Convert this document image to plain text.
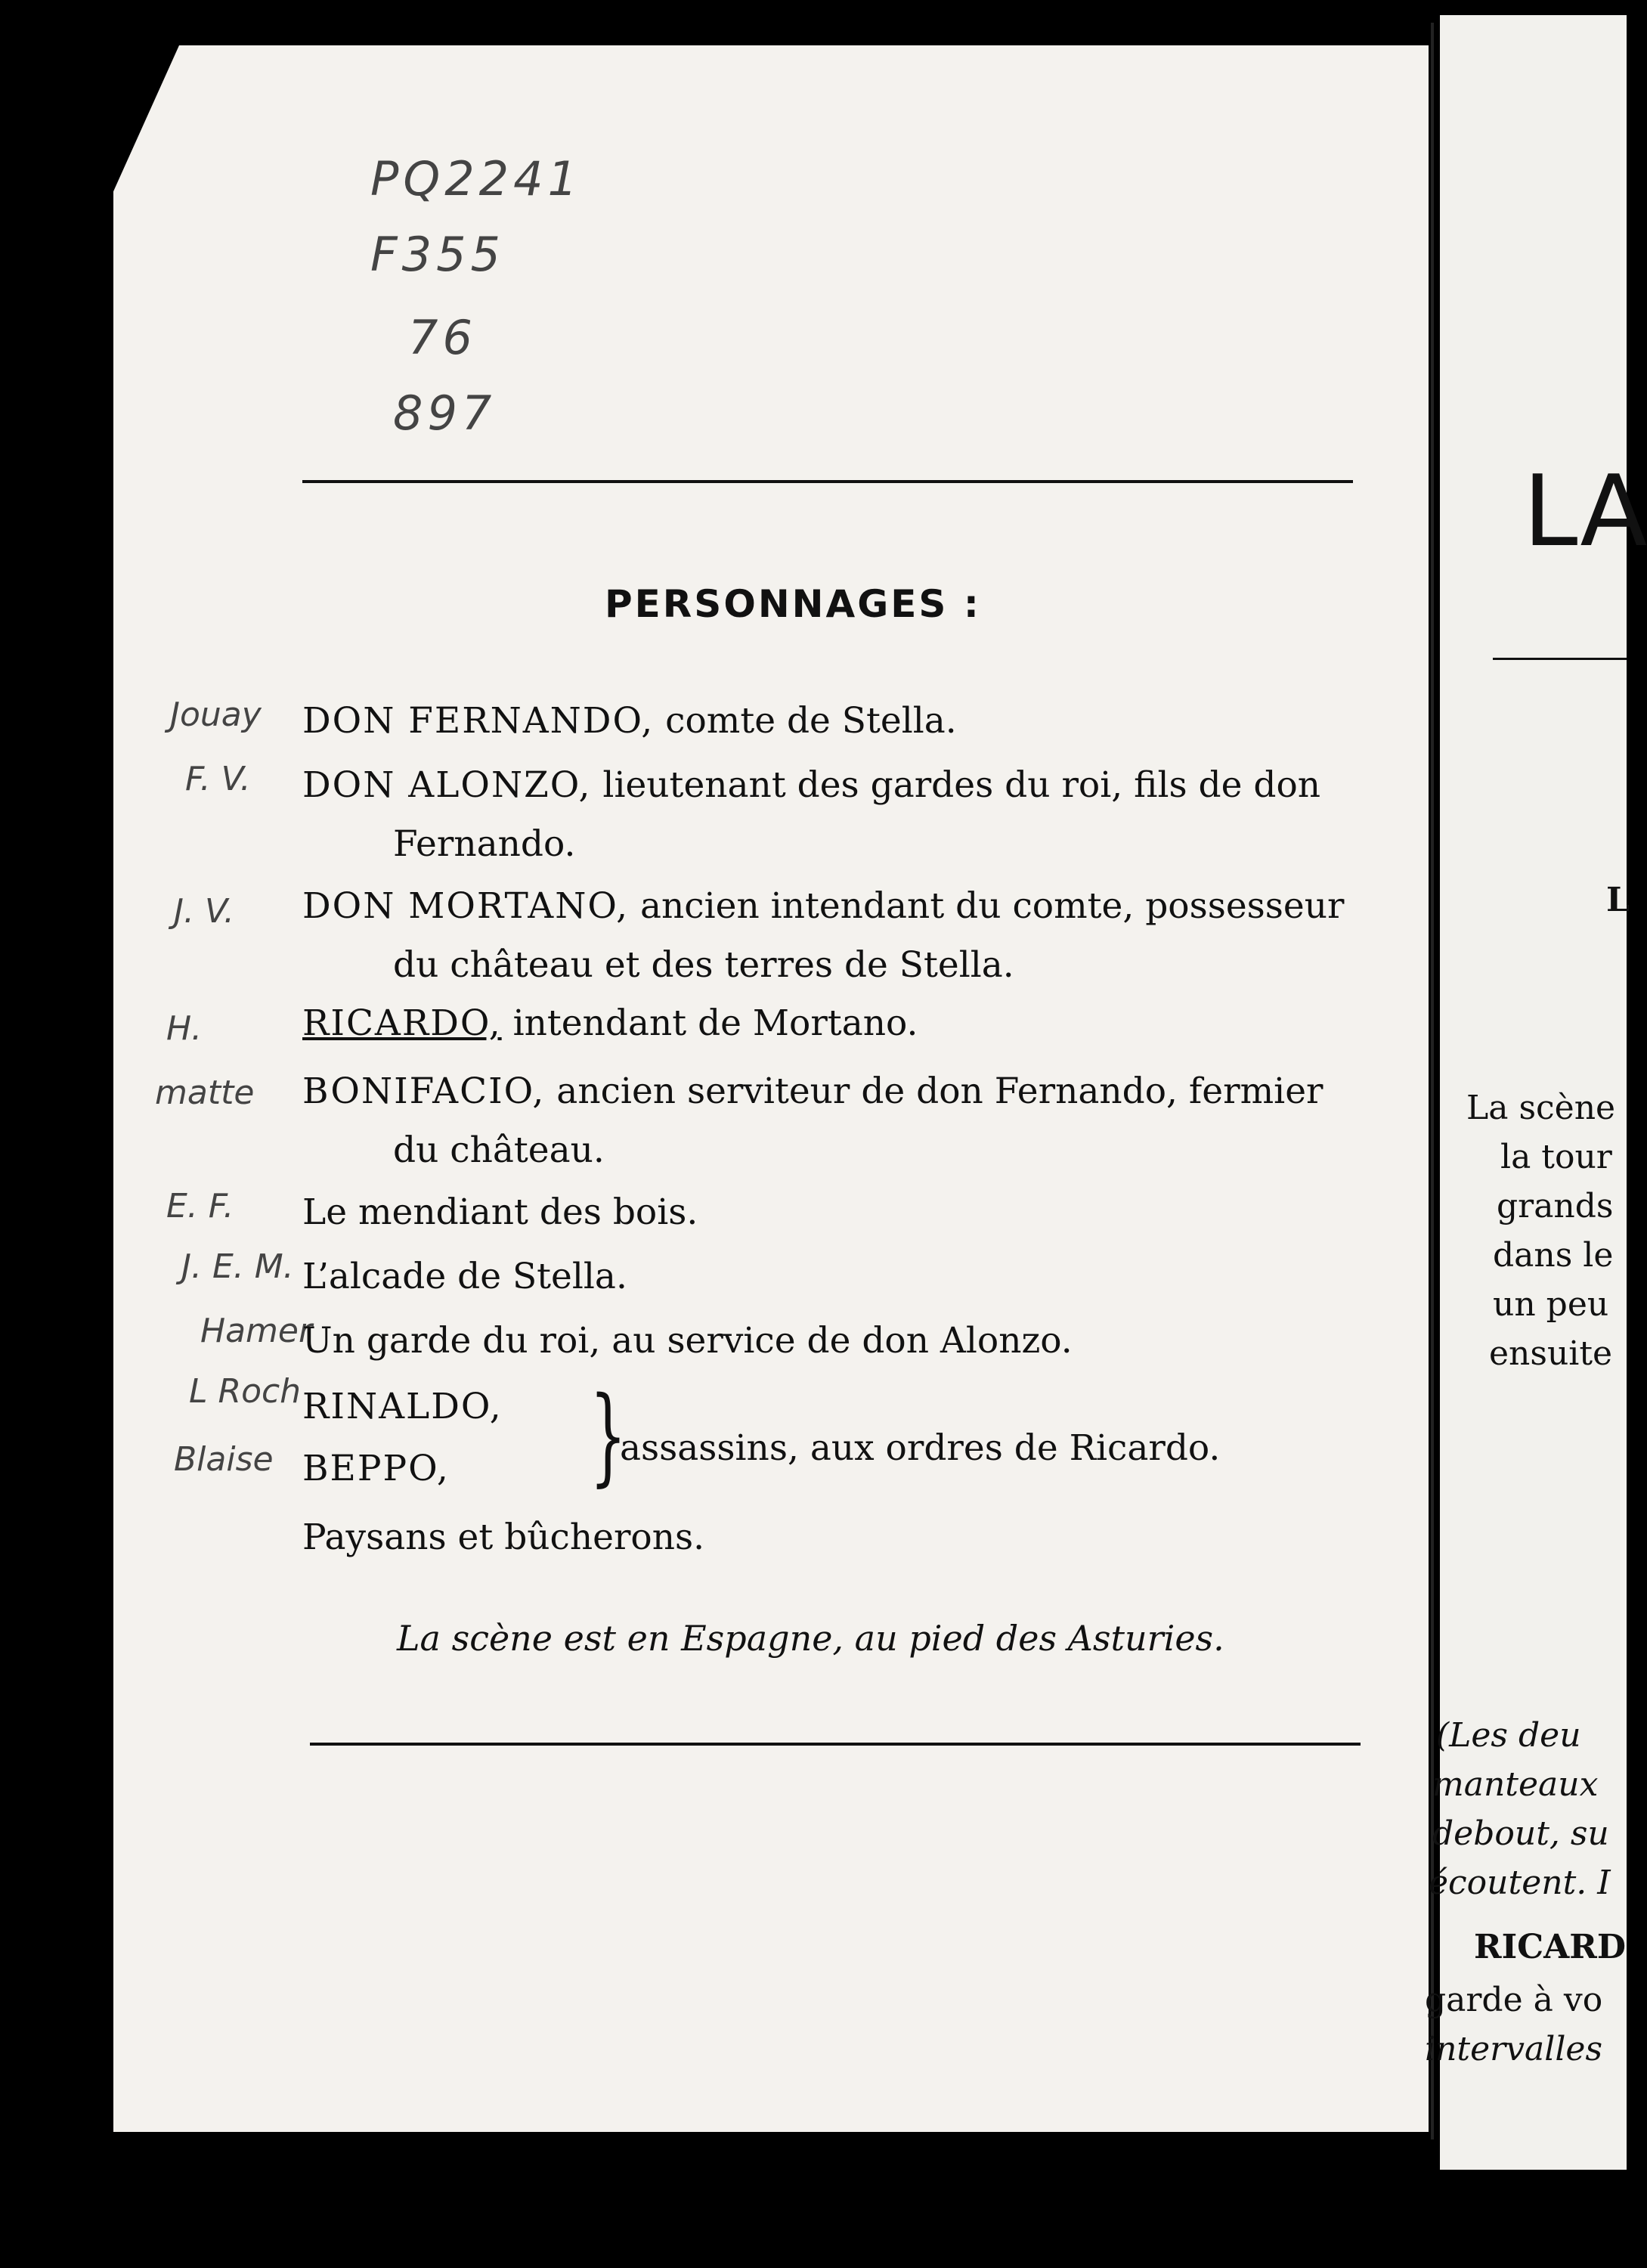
PQ2241
F355
76
897
PERSONNAGES :
Jouay
F. V.
J. V.
H.
matte
E. F.
J. E. M.
Hamer
L Roch
Blaise
DON FERNANDO, comte de Stella.
DON ALONZO, lieutenant des gardes du roi, fils de don Fernando.
DON MORTANO, ancien intendant du comte, possesseur du château et des terres de Stella.
RICARDO, intendant de Mortano.
BONIFACIO, ancien serviteur de don Fernando, fermier du château.
Le mendiant des bois.
L’alcade de Stella.
Un garde du roi, au service de don Alonzo.
RINALDO,
BEPPO,	}
assassins, aux ordres de Ricardo.
Paysans et bûcherons.
La scène est en Espagne, au pied des Asturies.
LA
L
La scène
la tour
grands
dans le
un peu
ensuite
(Les deu
manteaux
debout, su
écoutent. I
RICARD
garde à vo
intervalles
